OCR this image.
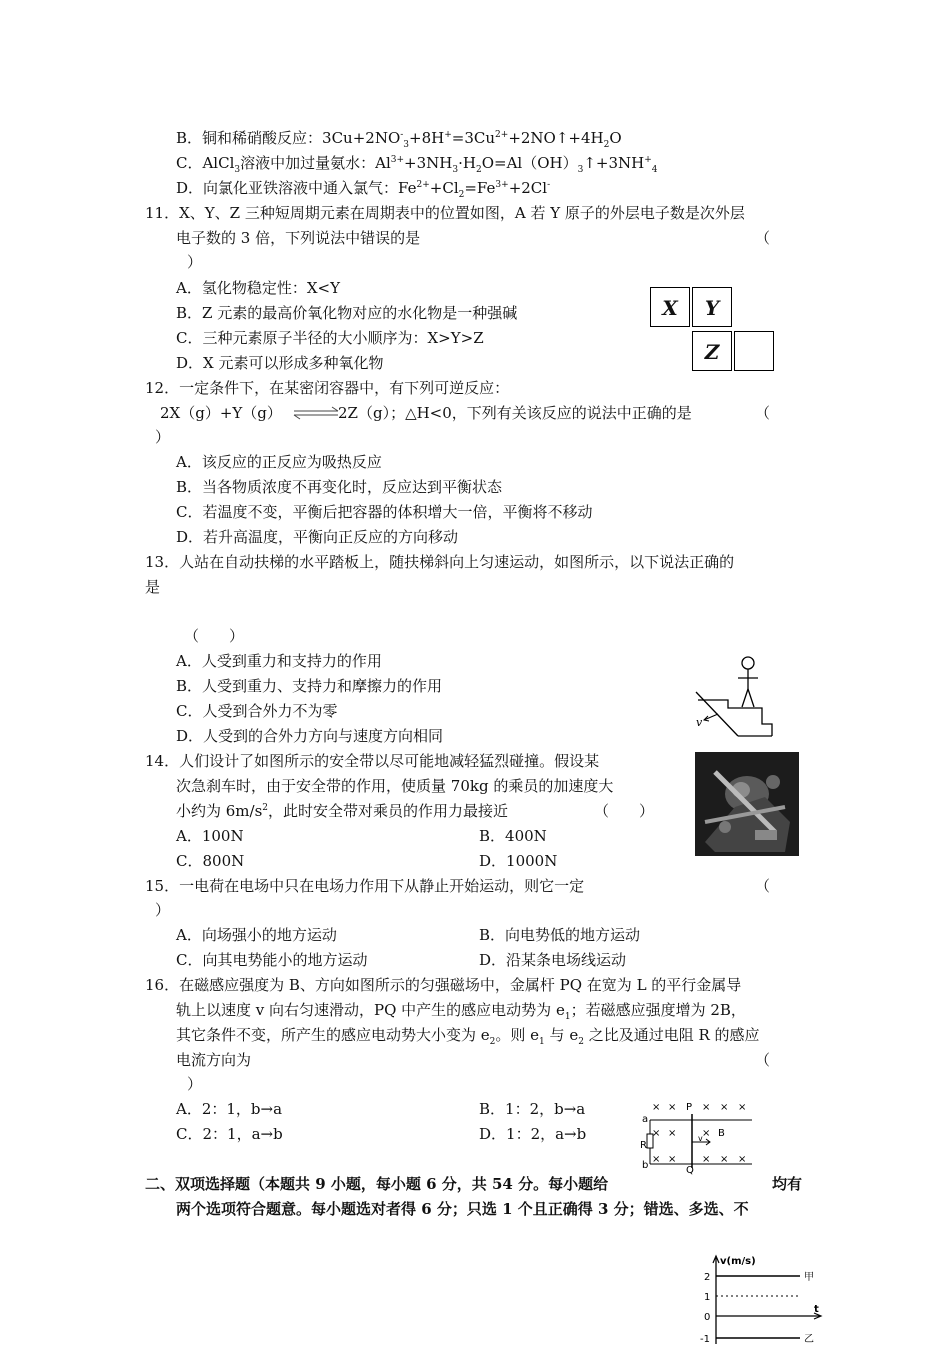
B．铜和稀硝酸反应：$3Cu+2NO^-_3+8H^+=3Cu^{2+}+2NO↑+4H_2O$
C．AlCl$_3$溶液中加过量氨水：$Al^{3+}+3NH_3\cdot H_2O=Al(OH)_3↑+3NH^+_4$
D．向氯化亚铁溶液中通入氯气：$Fe^{2+}+Cl_2=Fe^{3+}+2Cl^-$
11．X、Y、Z 三种短周期元素在周期表中的位置如图，A 若 Y 原子的外层电子数是次外层
电子数的 3 倍，下列说法中错误的是	（
）
A．氢化物稳定性：X<Y
B．Z 元素的最高价氧化物对应的水化物是一种强碱
C．三种元素原子半径的大小顺序为：X>Y>Z
D．X 元素可以形成多种氧化物
X	Y
Z
12．一定条件下，在某密闭容器中，有下列可逆反应：
2X（g）+Y（g） ⇌
2Z（g）；△H<0，下列有关该反应的说法中正确的是	（
）
A．该反应的正反应为吸热反应
B．当各物质浓度不再变化时，反应达到平衡状态
C．若温度不变，平衡后把容器的体积增大一倍，平衡将不移动
D．若升高温度，平衡向正反应的方向移动
13．人站在自动扶梯的水平踏板上，随扶梯斜向上匀速运动，如图所示，以下说法正确的
是
（　　）
A．人受到重力和支持力的作用
B．人受到重力、支持力和摩擦力的作用
C．人受到合外力不为零
D．人受到的合外力方向与速度方向相同
v
14．人们设计了如图所示的安全带以尽可能地减轻猛烈碰撞。假设某
次急刹车时，由于安全带的作用，使质量 70kg 的乘员的加速度大
小约为 $6m/s^2$，此时安全带对乘员的作用力最接近	（　　）
A．100N	B．400N
C．800N	D．1000N
15．一电荷在电场中只在电场力作用下从静止开始运动，则它一定	（
）
A．向场强小的地方运动	B．向电势低的地方运动
C．向其电势能小的地方运动	D．沿某条电场线运动
16．在磁感应强度为 B、方向如图所示的匀强磁场中，金属杆 PQ 在宽为 L 的平行金属导
轨上以速度 v 向右匀速滑动，PQ 中产生的感应电动势为 $e_1$；若磁感应强度增为 2B，
其它条件不变，所产生的感应电动势大小变为 $e_2$。则 $e_1$ 与 $e_2$ 之比及通过电阻 R 的感应
电流方向为	（
）
A．2：1，b→a	B．1：2，b→a
C．2：1，a→b	D．1：2，a→b
× ×	× × ×
× ×	×
× ×	× × ×
P
B
Q
a
b
R
v
二、双项选择题（本题共 9 小题，每小题 6 分，共 54 分。每小题给	均有
两个选项符合题意。每小题选对者得 6 分；只选 1 个且正确得 3 分；错选、多选、不
v(m/s)
t
2
1
0
-1
甲
乙
